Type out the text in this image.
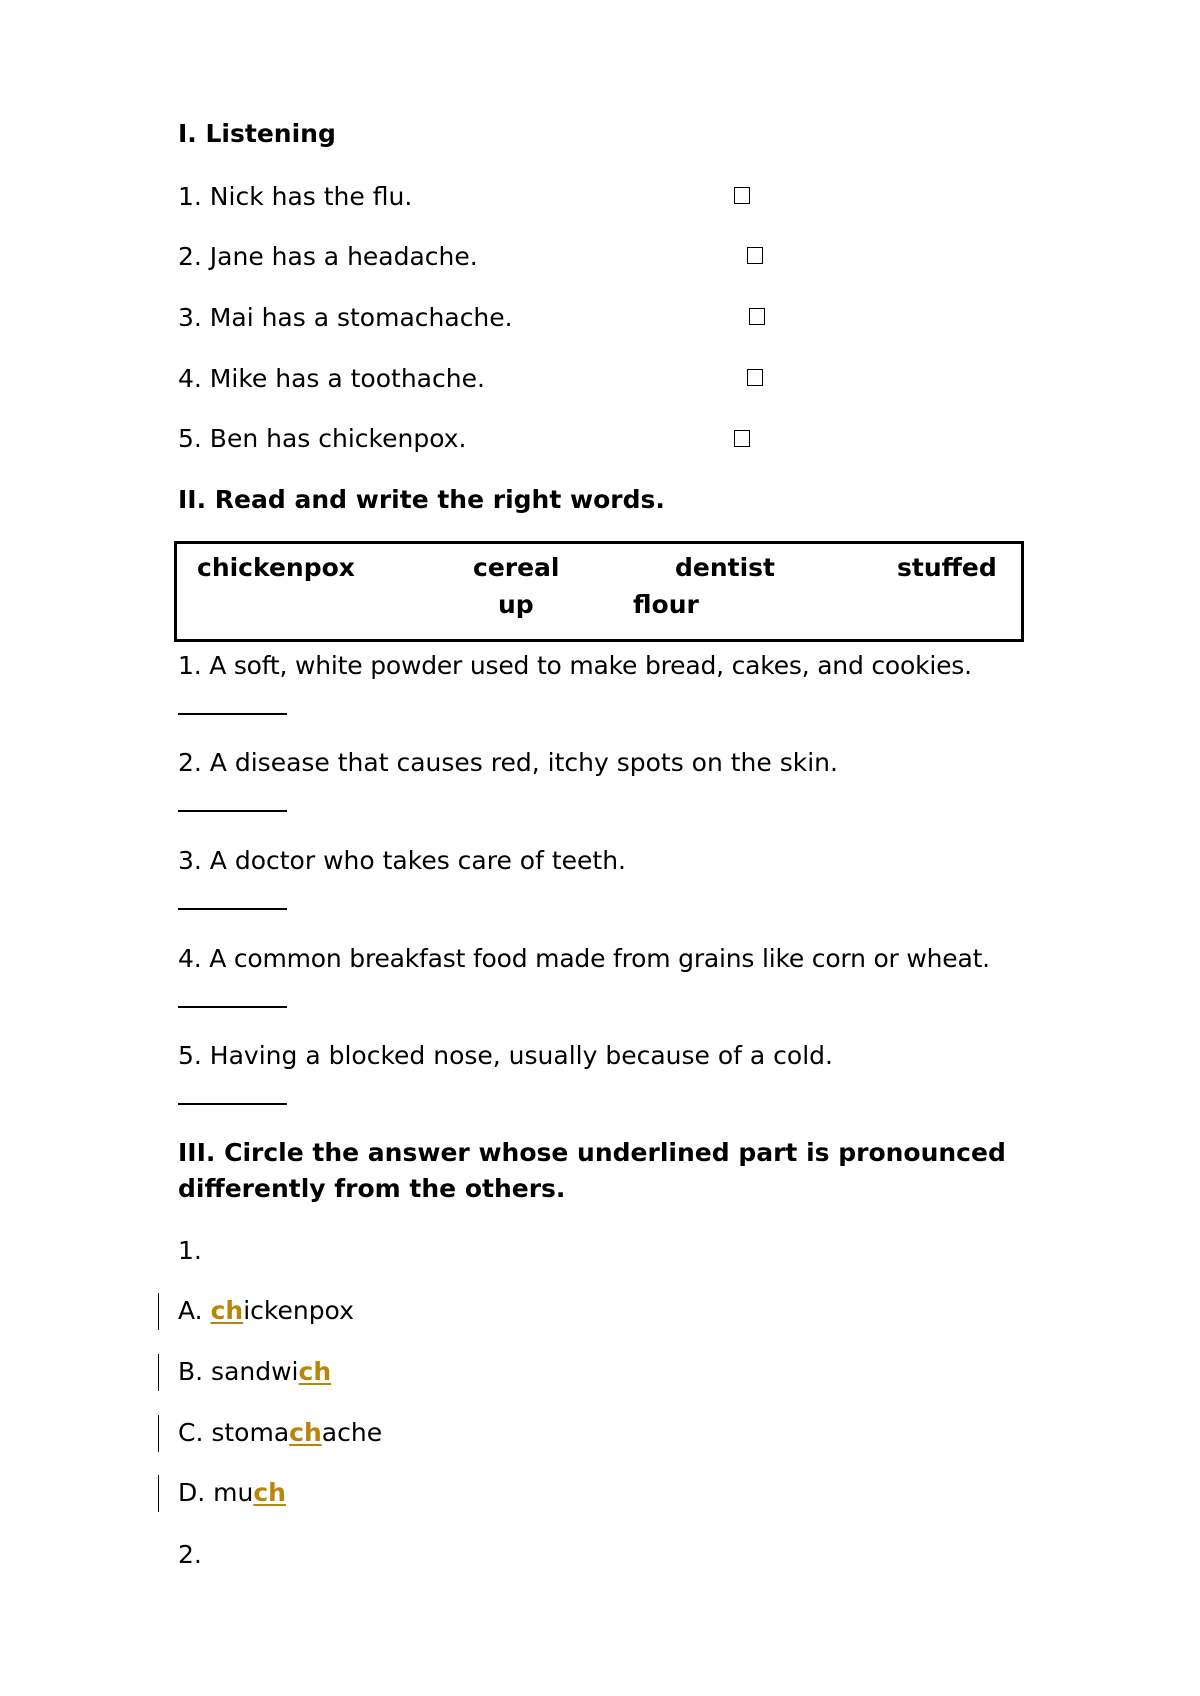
I. Listening
1. Nick has the flu.
2. Jane has a headache.
3. Mai has a stomachache.
4. Mike has a toothache.
5. Ben has chickenpox.
II. Read and write the right words.
chickenpox	cereal	dentist	stuffed
up	flour
1. A soft, white powder used to make bread, cakes, and cookies.
2. A disease that causes red, itchy spots on the skin.
3. A doctor who takes care of teeth.
4. A common breakfast food made from grains like corn or wheat.
5. Having a blocked nose, usually because of a cold.
III. Circle the answer whose underlined part is pronounced
differently from the others.
1.
A. chickenpox
B. sandwich
C. stomachache
D. much
2.
